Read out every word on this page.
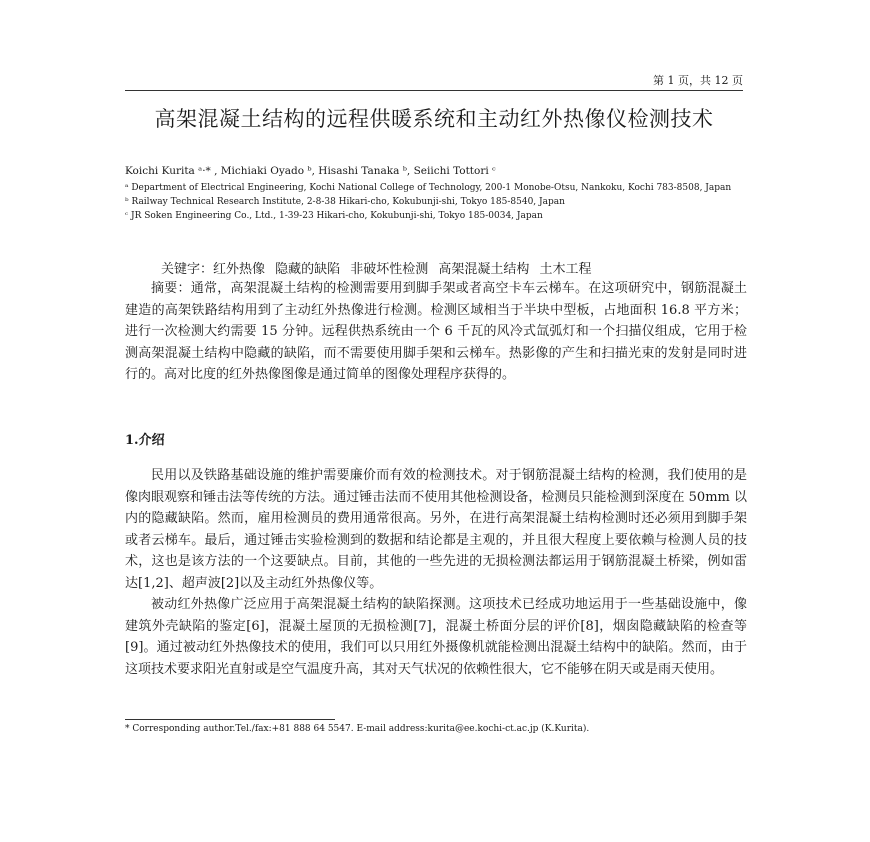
第 1 页，共 12 页
高架混凝土结构的远程供暖系统和主动红外热像仪检测技术
Koichi Kurita ᵃ·* , Michiaki Oyado ᵇ, Hisashi Tanaka ᵇ, Seiichi Tottori ᶜ
ᵃ Department of Electrical Engineering, Kochi National College of Technology, 200-1 Monobe-Otsu, Nankoku, Kochi 783-8508, Japan
ᵇ Railway Technical Research Institute, 2-8-38 Hikari-cho, Kokubunji-shi, Tokyo 185-8540, Japan
ᶜ JR Soken Engineering Co., Ltd., 1-39-23 Hikari-cho, Kokubunji-shi, Tokyo 185-0034, Japan
关键字：红外热像 隐藏的缺陷 非破坏性检测 高架混凝土结构 土木工程

摘要：通常，高架混凝土结构的检测需要用到脚手架或者高空卡车云梯车。在这项研究中，钢筋混凝土建造的高架铁路结构用到了主动红外热像进行检测。检测区域相当于半块中型板，占地面积 16.8 平方米；进行一次检测大约需要 15 分钟。远程供热系统由一个 6 千瓦的风冷式氙弧灯和一个扫描仪组成，它用于检测高架混凝土结构中隐藏的缺陷，而不需要使用脚手架和云梯车。热影像的产生和扫描光束的发射是同时进行的。高对比度的红外热像图像是通过简单的图像处理程序获得的。

1.介绍

民用以及铁路基础设施的维护需要廉价而有效的检测技术。对于钢筋混凝土结构的检测，我们使用的是像肉眼观察和锤击法等传统的方法。通过锤击法而不使用其他检测设备，检测员只能检测到深度在 50mm 以内的隐藏缺陷。然而，雇用检测员的费用通常很高。另外，在进行高架混凝土结构检测时还必须用到脚手架或者云梯车。最后，通过锤击实验检测到的数据和结论都是主观的，并且很大程度上要依赖与检测人员的技术，这也是该方法的一个这要缺点。目前，其他的一些先进的无损检测法都运用于钢筋混凝土桥梁，例如雷达[1,2]、超声波[2]以及主动红外热像仪等。

被动红外热像广泛应用于高架混凝土结构的缺陷探测。这项技术已经成功地运用于一些基础设施中，像建筑外壳缺陷的鉴定[6]，混凝土屋顶的无损检测[7]，混凝土桥面分层的评价[8]，烟囱隐藏缺陷的检查等[9]。通过被动红外热像技术的使用，我们可以只用红外摄像机就能检测出混凝土结构中的缺陷。然而，由于这项技术要求阳光直射或是空气温度升高，其对天气状况的依赖性很大，它不能够在阴天或是雨天使用。

* Corresponding author.Tel./fax:+81 888 64 5547. E-mail address:kurita@ee.kochi-ct.ac.jp (K.Kurita).
